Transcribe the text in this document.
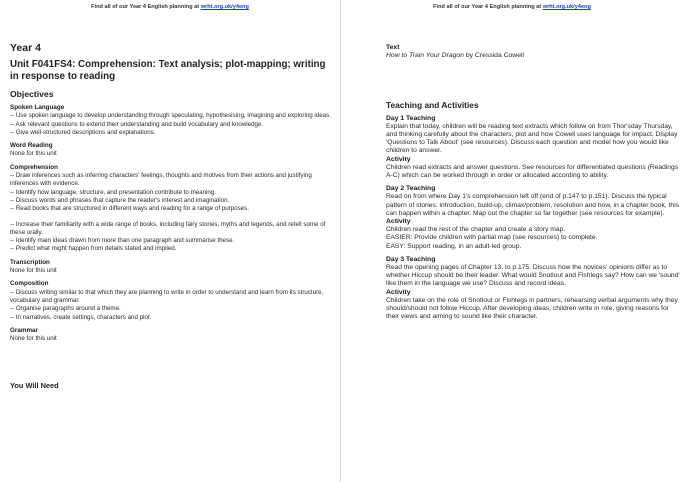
Find all of our Year 4 English planning at wrht.org.uk/y4eng
Year 4
Unit F041FS4: Comprehension: Text analysis; plot-mapping; writing in response to reading
Objectives
Spoken Language
-- Use spoken language to develop understanding through speculating, hypothesising, imagining and exploring ideas.
-- Ask relevant questions to extend their understanding and build vocabulary and knowledge.
-- Give well-structured descriptions and explanations.
Word Reading
None for this unit
Comprehension
-- Draw inferences such as inferring characters' feelings, thoughts and motives from their actions and justifying inferences with evidence.
-- Identify how language, structure, and presentation contribute to meaning.
-- Discuss words and phrases that capture the reader's interest and imagination.
-- Read books that are structured in different ways and reading for a range of purposes.
-- Increase their familiarity with a wide range of books, including fairy stories, myths and legends, and retell some of these orally.
-- Identify main ideas drawn from more than one paragraph and summarise these.
-- Predict what might happen from details stated and implied.
Transcription
None for this unit
Composition
-- Discuss writing similar to that which they are planning to write in order to understand and learn from its structure, vocabulary and grammar.
-- Organise paragraphs around a theme.
-- In narratives, create settings, characters and plot.
Grammar
None for this unit
You Will Need
Find all of our Year 4 English planning at wrht.org.uk/y4eng
Text
How to Train Your Dragon by Cressida Cowell
Teaching and Activities
Day 1 Teaching
Explain that today, children will be reading text extracts which follow on from Thor'sday Thursday, and thinking carefully about the characters, plot and how Cowell uses language for impact. Display 'Questions to Talk About' (see resources). Discuss each question and model how you would like children to answer.
Activity
Children read extracts and answer questions. See resources for differentiated questions (Readings A-C) which can be worked through in order or allocated according to ability.
Day 2 Teaching
Read on from where Day 1's comprehension left off (end of p.147 to p.151). Discuss the typical pattern of stories: introduction, build-up, climax/problem, resolution and how, in a chapter book, this can happen within a chapter. Map out the chapter so far together (see resources for example).
Activity
Children read the rest of the chapter and create a story map.
EASIER: Provide children with partial map (see resources) to complete.
EASY: Support reading, in an adult-led group.
Day 3 Teaching
Read the opening pages of Chapter 13, to p.175. Discuss how the novices' opinions differ as to whether Hiccup should be their leader. What would Snotlout and Fishlegs say? How can we 'sound' like them in the language we use? Discuss and record ideas.
Activity
Children take on the role of Snotlout or Fishlegs in partners, rehearsing verbal arguments why they should/should not follow Hiccup. After developing ideas, children write in role, giving reasons for their views and aiming to sound like their character.
